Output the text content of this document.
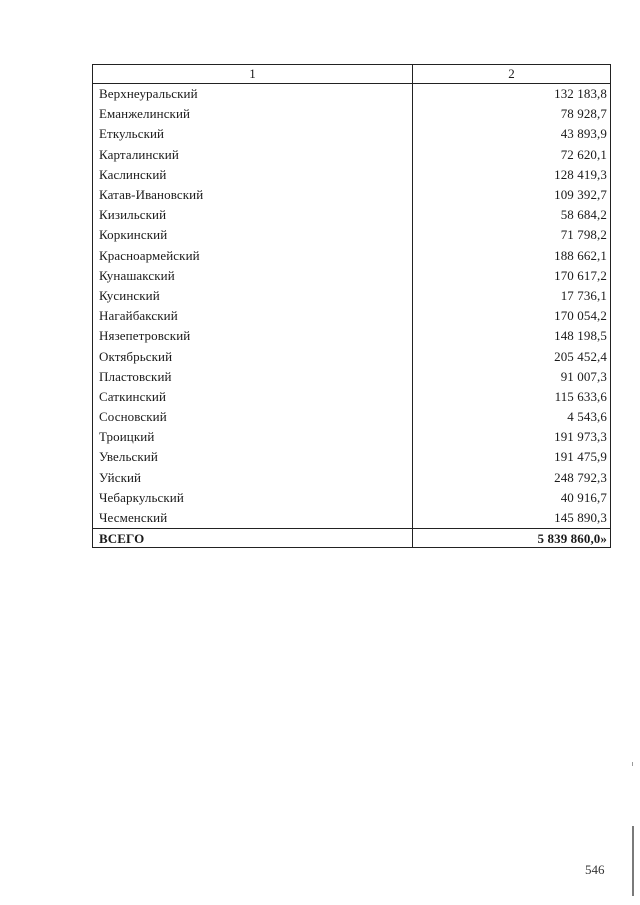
1	2
Верхнеуральский	132 183,8
Еманжелинский	78 928,7
Еткульский	43 893,9
Карталинский	72 620,1
Каслинский	128 419,3
Катав-Ивановский	109 392,7
Кизильский	58 684,2
Коркинский	71 798,2
Красноармейский	188 662,1
Кунашакский	170 617,2
Кусинский	17 736,1
Нагайбакский	170 054,2
Нязепетровский	148 198,5
Октябрьский	205 452,4
Пластовский	91 007,3
Саткинский	115 633,6
Сосновский	4 543,6
Троицкий	191 973,3
Увельский	191 475,9
Уйский	248 792,3
Чебаркульский	40 916,7
Чесменский	145 890,3
ВСЕГО	5 839 860,0»
546
